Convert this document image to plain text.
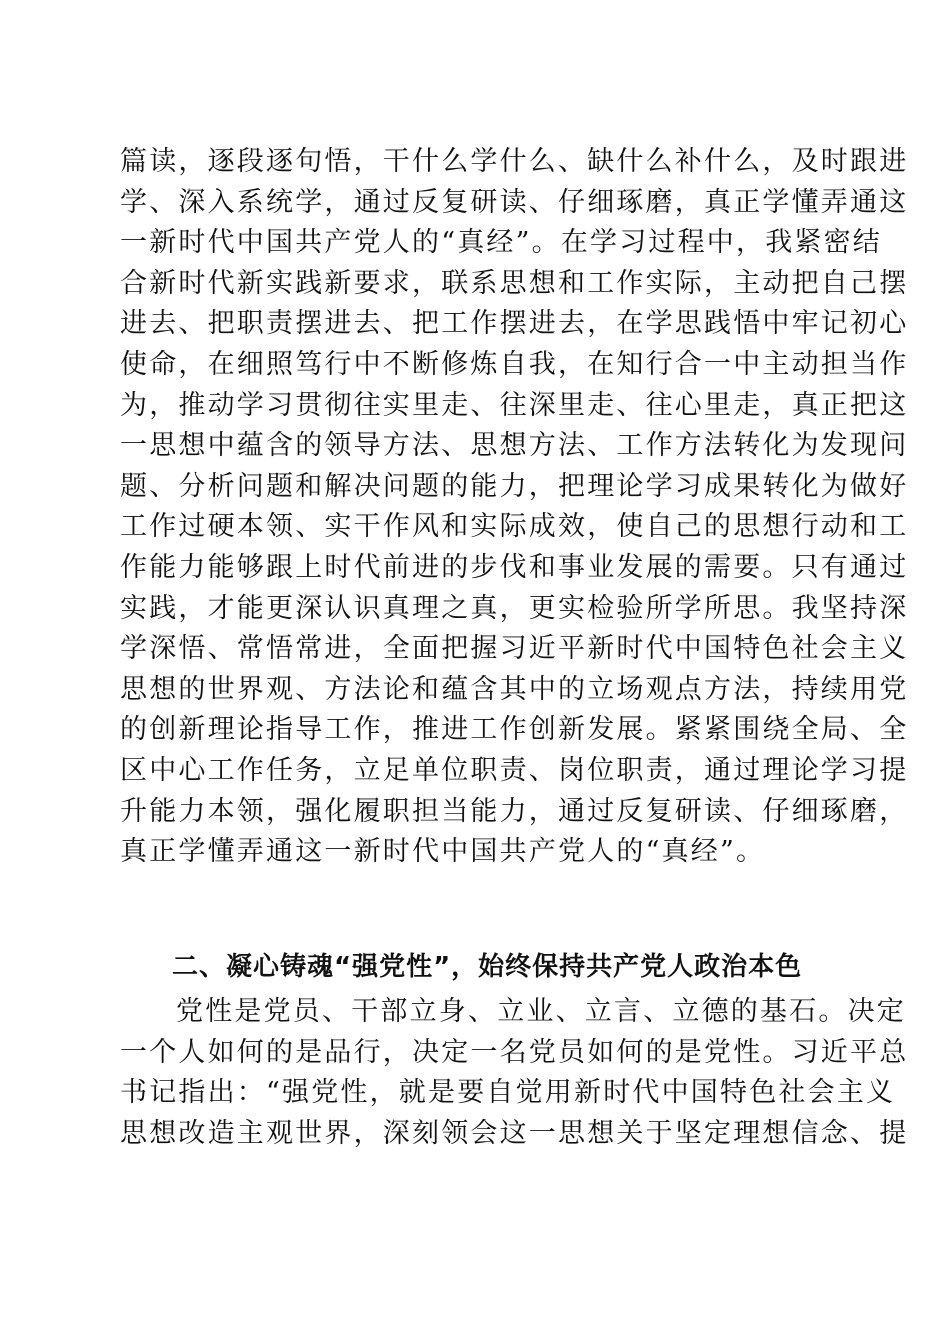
篇读，逐段逐句悟，干什么学什么、缺什么补什么，及时跟进
学、深入系统学，通过反复研读、仔细琢磨，真正学懂弄通这
一新时代中国共产党人的“真经”。在学习过程中，我紧密结
合新时代新实践新要求，联系思想和工作实际，主动把自己摆
进去、把职责摆进去、把工作摆进去，在学思践悟中牢记初心
使命，在细照笃行中不断修炼自我，在知行合一中主动担当作
为，推动学习贯彻往实里走、往深里走、往心里走，真正把这
一思想中蕴含的领导方法、思想方法、工作方法转化为发现问
题、分析问题和解决问题的能力，把理论学习成果转化为做好
工作过硬本领、实干作风和实际成效，使自己的思想行动和工
作能力能够跟上时代前进的步伐和事业发展的需要。只有通过
实践，才能更深认识真理之真，更实检验所学所思。我坚持深
学深悟、常悟常进，全面把握习近平新时代中国特色社会主义
思想的世界观、方法论和蕴含其中的立场观点方法，持续用党
的创新理论指导工作，推进工作创新发展。紧紧围绕全局、全
区中心工作任务，立足单位职责、岗位职责，通过理论学习提
升能力本领，强化履职担当能力，通过反复研读、仔细琢磨，
真正学懂弄通这一新时代中国共产党人的“真经”。
二、凝心铸魂“强党性”，始终保持共产党人政治本色
党性是党员、干部立身、立业、立言、立德的基石。决定
一个人如何的是品行，决定一名党员如何的是党性。习近平总
书记指出：“强党性，就是要自觉用新时代中国特色社会主义
思想改造主观世界，深刻领会这一思想关于坚定理想信念、提
